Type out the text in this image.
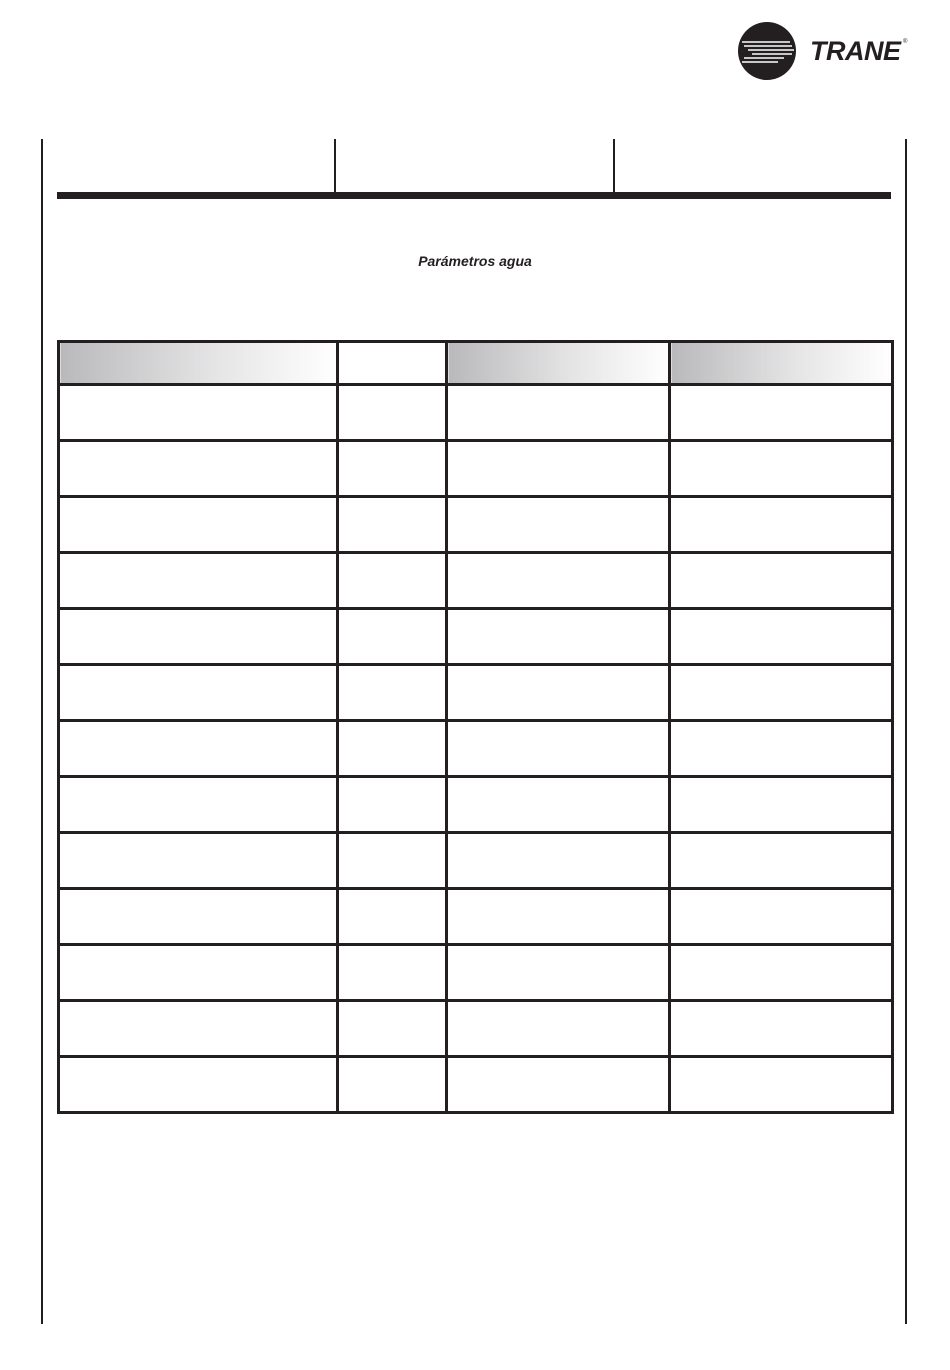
TRANE ®
Parámetros agua
